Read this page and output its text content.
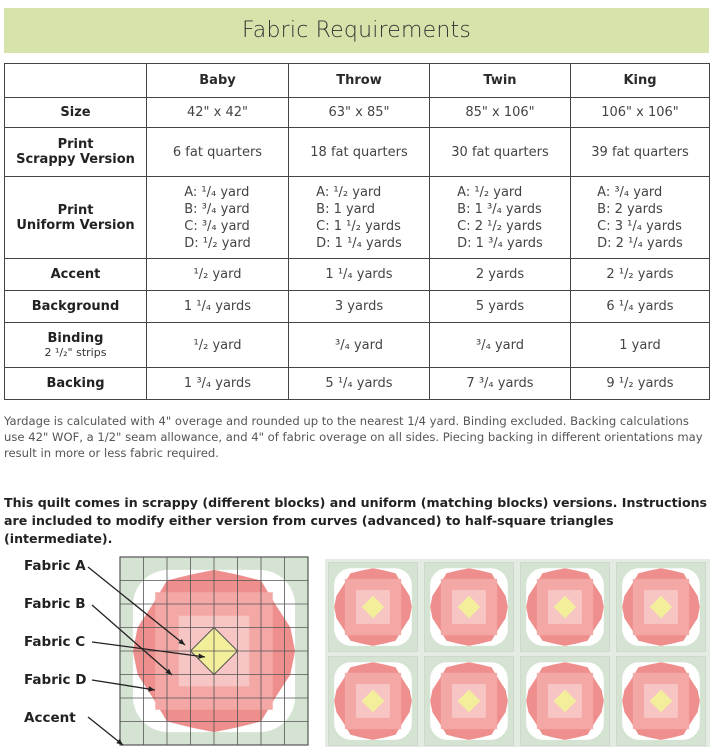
Fabric Requirements
	Baby	Throw	Twin	King
Size	42" x 42"	63" x 85"	85" x 106"	106" x 106"
Print
Scrappy Version	6 fat quarters	18 fat quarters	30 fat quarters	39 fat quarters
Print
Uniform Version	A: ¹/₄ yard
B: ³/₄ yard
C: ³/₄ yard
D: ¹/₂ yard	A: ¹/₂ yard
B: 1 yard
C: 1 ¹/₂ yards
D: 1 ¹/₄ yards	A: ¹/₂ yard
B: 1 ³/₄ yards
C: 2 ¹/₂ yards
D: 1 ³/₄ yards	A: ³/₄ yard
B: 2 yards
C: 3 ¹/₄ yards
D: 2 ¹/₄ yards

Accent	¹/₂ yard	1 ¹/₄ yards	2 yards	2 ¹/₂ yards
Background	1 ¹/₄ yards	3 yards	5 yards	6 ¹/₄ yards
Binding
2 ¹/₂" strips	¹/₂ yard	³/₄ yard	³/₄ yard	1 yard
Backing	1 ³/₄ yards	5 ¹/₄ yards	7 ³/₄ yards	9 ¹/₂ yards
Yardage is calculated with 4" overage and rounded up to the nearest 1/4 yard. Binding excluded. Backing calculations use 42" WOF, a 1/2" seam allowance, and 4" of fabric overage on all sides. Piecing backing in different orientations may result in more or less fabric required.
This quilt comes in scrappy (different blocks) and uniform (matching blocks) versions. Instructions are included to modify either version from curves (advanced) to half-square triangles (intermediate).
Fabric A
Fabric B
Fabric C
Fabric D
Accent
